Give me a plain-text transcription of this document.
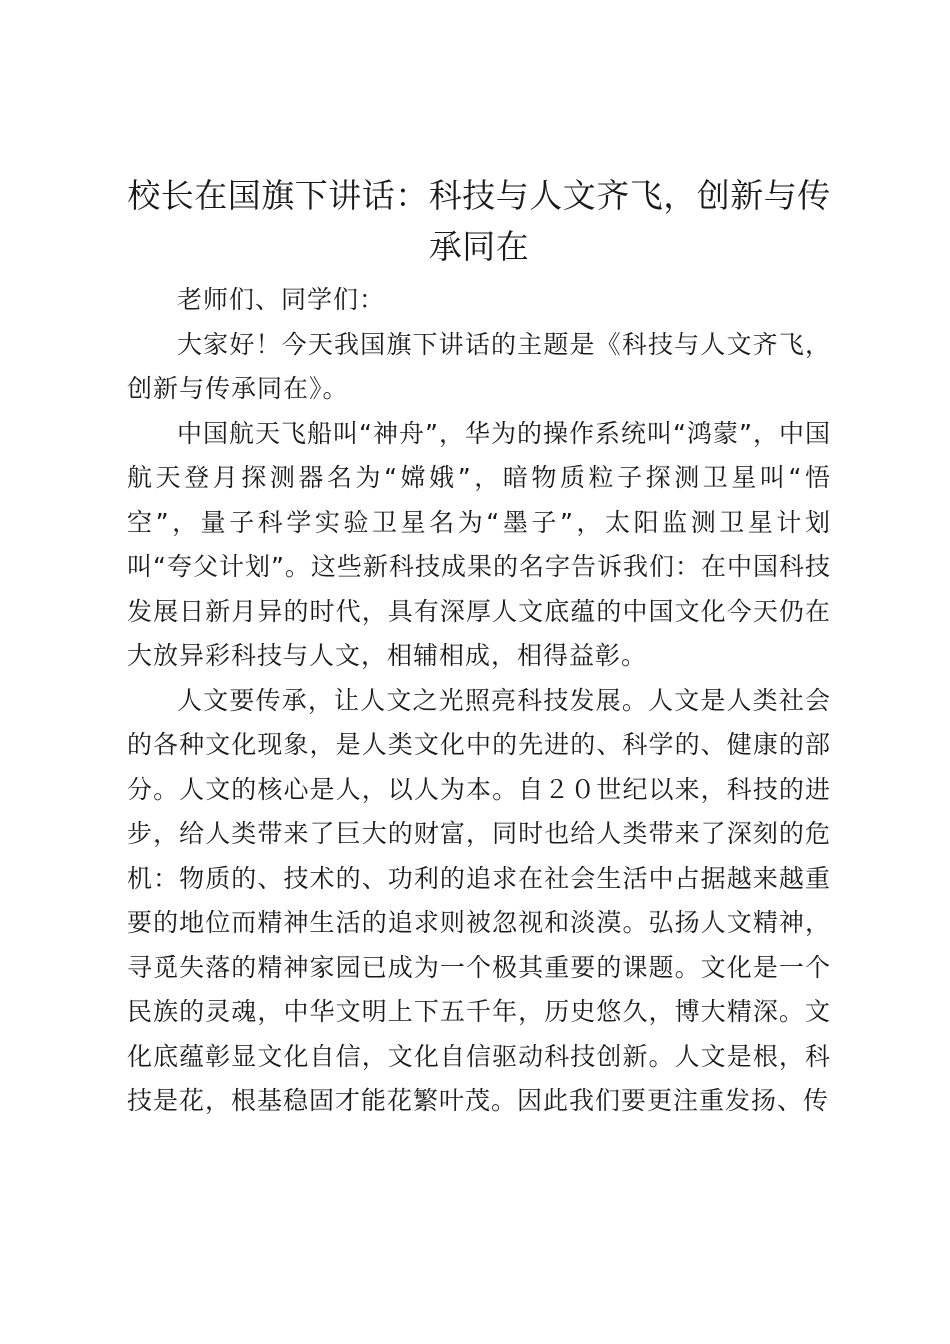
校长在国旗下讲话：科技与人文齐飞，创新与传承同在

老师们、同学们：

大家好！今天我国旗下讲话的主题是《科技与人文齐飞，创新与传承同在》。

中国航天飞船叫“神舟”，华为的操作系统叫“鸿蒙”，中国航天登月探测器名为“嫦娥”，暗物质粒子探测卫星叫“悟空”，量子科学实验卫星名为“墨子”，太阳监测卫星计划叫“夸父计划”。这些新科技成果的名字告诉我们：在中国科技发展日新月异的时代，具有深厚人文底蕴的中国文化今天仍在大放异彩科技与人文，相辅相成，相得益彰。

人文要传承，让人文之光照亮科技发展。人文是人类社会的各种文化现象，是人类文化中的先进的、科学的、健康的部分。人文的核心是人，以人为本。自２０世纪以来，科技的进步，给人类带来了巨大的财富，同时也给人类带来了深刻的危机：物质的、技术的、功利的追求在社会生活中占据越来越重要的地位而精神生活的追求则被忽视和淡漠。弘扬人文精神，寻觅失落的精神家园已成为一个极其重要的课题。文化是一个民族的灵魂，中华文明上下五千年，历史悠久，博大精深。文化底蕴彰显文化自信，文化自信驱动科技创新。人文是根，科技是花，根基稳固才能花繁叶茂。因此我们要更注重发扬、传
